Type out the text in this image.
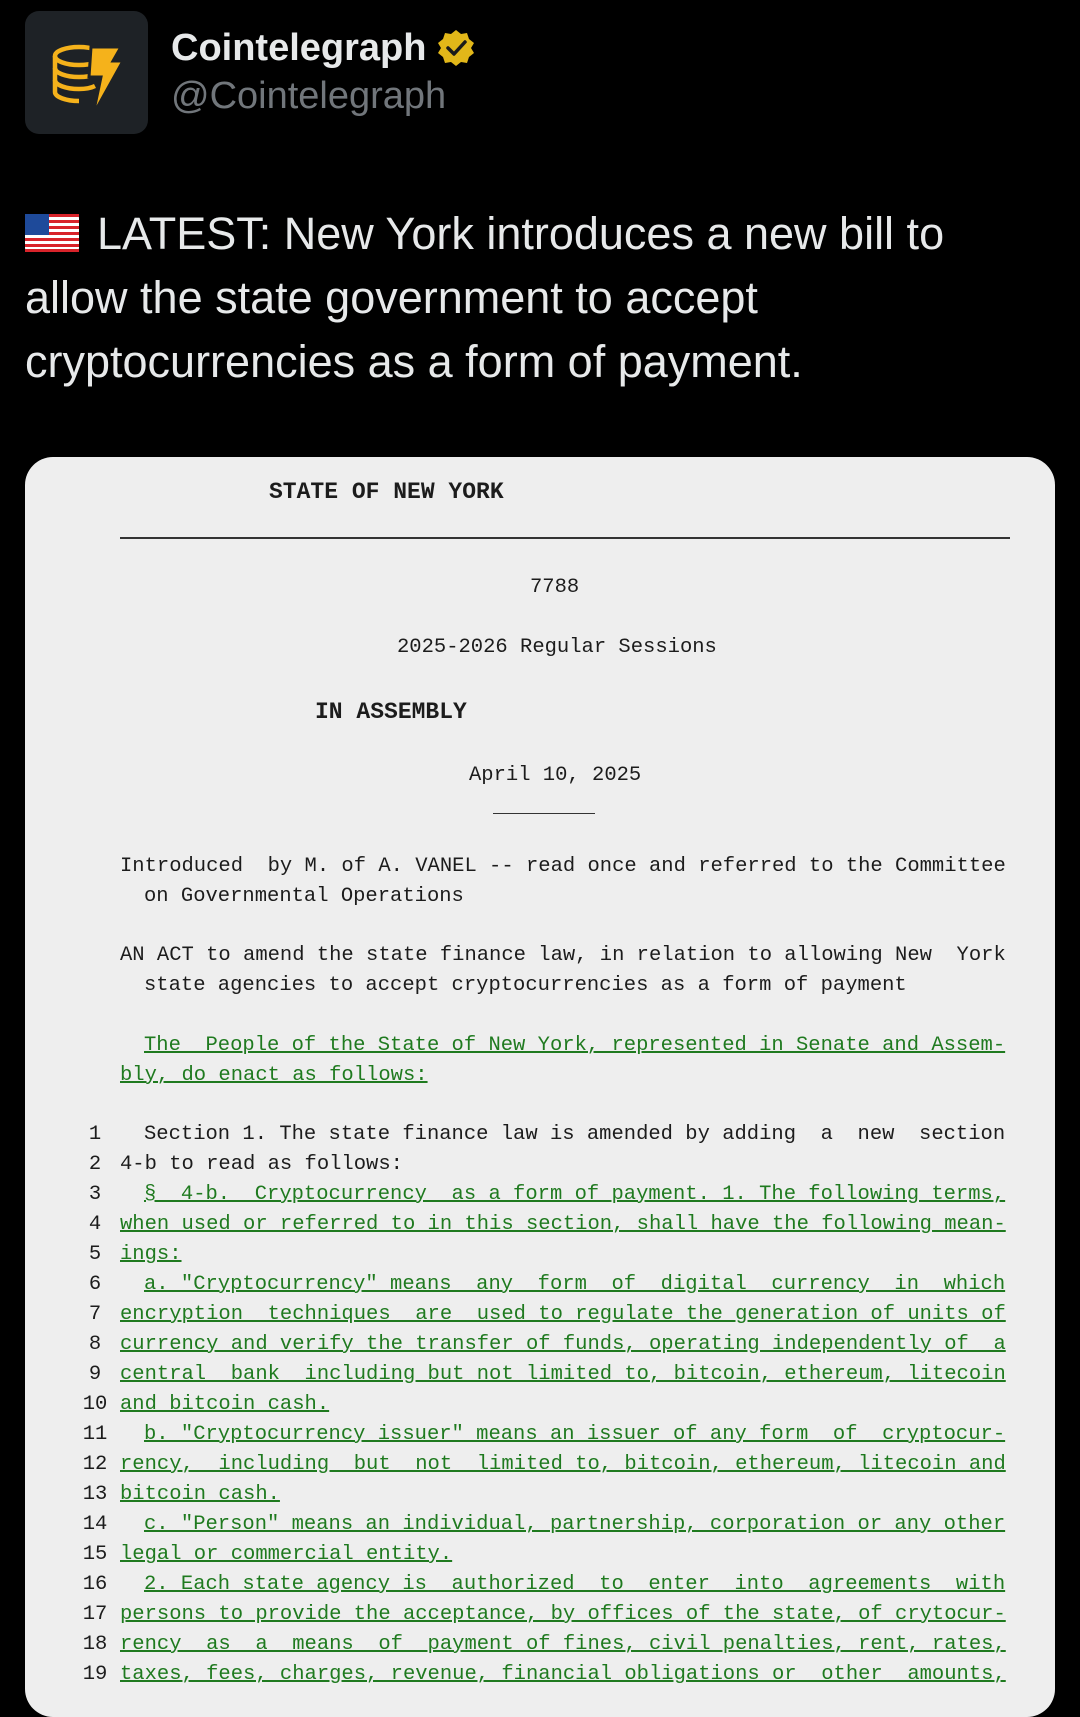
Cointelegraph
@Cointelegraph
LATEST: New York introduces a new bill to
allow the state government to accept
cryptocurrencies as a form of payment.
STATE OF NEW YORK
7788
2025-2026 Regular Sessions
IN ASSEMBLY
April 10, 2025
Introduced  by M. of A. VANEL -- read once and referred to the Committee
on Governmental Operations
AN ACT to amend the state finance law, in relation to allowing New  York
state agencies to accept cryptocurrencies as a form of payment
The  People of the State of New York, represented in Senate and Assem-
bly, do enact as follows:
1	Section 1. The state finance law is amended by adding  a  new  section
2 4-b to read as follows:
3	§  4-b.  Cryptocurrency  as a form of payment. 1. The following terms,
4 when used or referred to in this section, shall have the following mean-
5 ings:
6	a. "Cryptocurrency" means  any  form  of  digital  currency  in  which
7 encryption  techniques  are  used to regulate the generation of units of
8 currency and verify the transfer of funds, operating independently of  a
9 central  bank  including but not limited to, bitcoin, ethereum, litecoin
10 and bitcoin cash.
11	b. "Cryptocurrency issuer" means an issuer of any form  of  cryptocur-
12 rency,  including  but  not  limited to, bitcoin, ethereum, litecoin and
13 bitcoin cash.
14	c. "Person" means an individual, partnership, corporation or any other
15 legal or commercial entity.
16	2. Each state agency is  authorized  to  enter  into  agreements  with
17 persons to provide the acceptance, by offices of the state, of crytocur-
18 rency  as  a  means  of  payment of fines, civil penalties, rent, rates,
19 taxes, fees, charges, revenue, financial obligations or  other  amounts,
